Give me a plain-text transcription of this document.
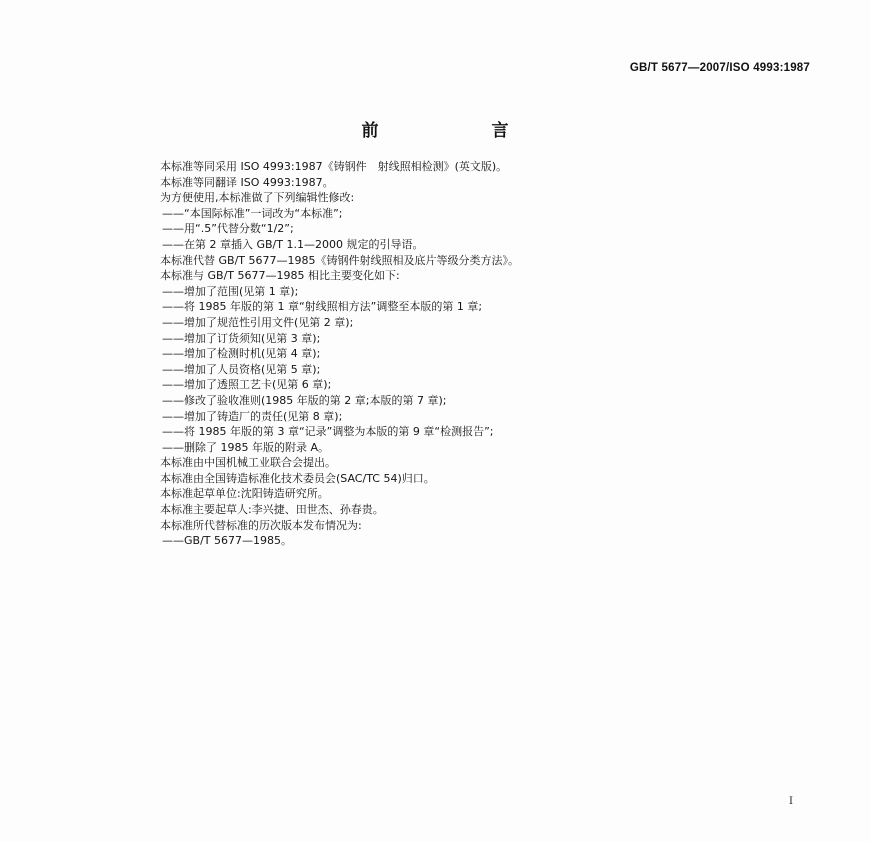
GB/T 5677—2007/ISO 4993:1987
前　言
本标准等同采用 ISO 4993:1987《铸钢件　射线照相检测》(英文版)。
本标准等同翻译 ISO 4993:1987。
为方便使用,本标准做了下列编辑性修改:
——“本国际标准”一词改为“本标准”;
——用“.5”代替分数“1/2”;
——在第 2 章插入 GB/T 1.1—2000 规定的引导语。
本标准代替 GB/T 5677—1985《铸钢件射线照相及底片等级分类方法》。
本标准与 GB/T 5677—1985 相比主要变化如下:
——增加了范围(见第 1 章);
——将 1985 年版的第 1 章“射线照相方法”调整至本版的第 1 章;
——增加了规范性引用文件(见第 2 章);
——增加了订货须知(见第 3 章);
——增加了检测时机(见第 4 章);
——增加了人员资格(见第 5 章);
——增加了透照工艺卡(见第 6 章);
——修改了验收准则(1985 年版的第 2 章;本版的第 7 章);
——增加了铸造厂的责任(见第 8 章);
——将 1985 年版的第 3 章“记录”调整为本版的第 9 章“检测报告”;
——删除了 1985 年版的附录 A。
本标准由中国机械工业联合会提出。
本标准由全国铸造标准化技术委员会(SAC/TC 54)归口。
本标准起草单位:沈阳铸造研究所。
本标准主要起草人:李兴捷、田世杰、孙春贵。
本标准所代替标准的历次版本发布情况为:
——GB/T 5677—1985。
I
